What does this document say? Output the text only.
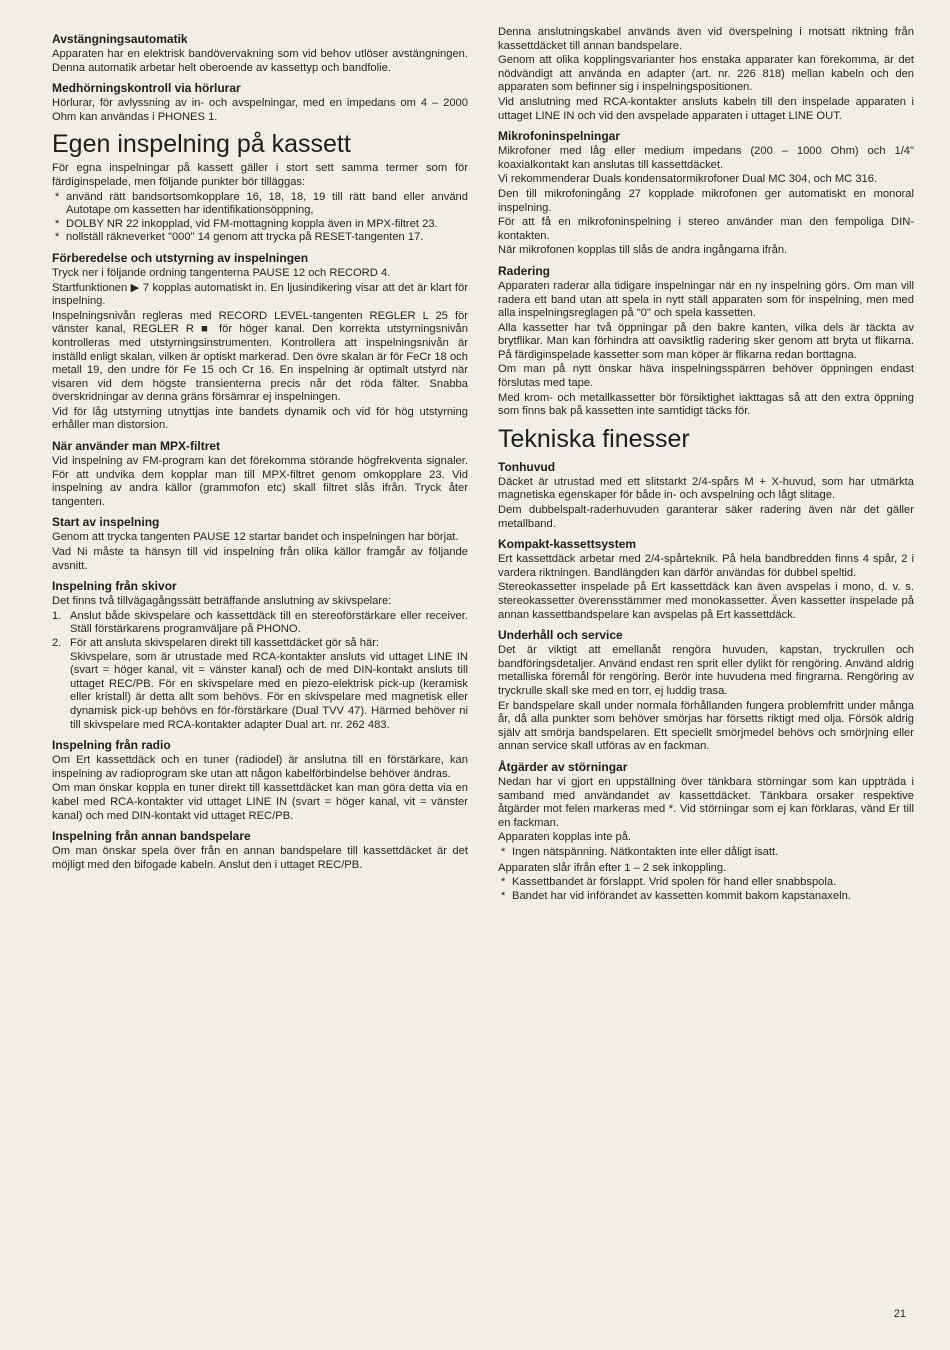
Avstängningsautomatik

Apparaten har en elektrisk bandövervakning som vid behov utlöser avstängningen. Denna automatik arbetar helt oberoende av kassettyp och bandfolie.

Medhörningskontroll via hörlurar

Hörlurar, för avlyssning av in- och avspelningar, med en impedans om 4 – 2000 Ohm kan användas i PHONES 1.

Egen inspelning på kassett

För egna inspelningar på kassett gäller i stort sett samma termer som för färdiginspelade, men följande punkter bör tilläggas:

* använd rätt bandsortsomkopplare 16, 18, 18, 19 till rätt band eller använd Autotape om kassetten har identifikationsöppning,
* DOLBY NR 22 inkopplad, vid FM-mottagning koppla även in MPX-filtret 23.
* nollställ räkneverket "000" 14 genom att trycka på RESET-tangenten 17.
Förberedelse och utstyrning av inspelningen

Tryck ner i följande ordning tangenterna PAUSE 12 och RECORD 4.

Startfunktionen ▶ 7 kopplas automatiskt in. En ljusindikering visar att det är klart för inspelning.

Inspelningsnivån regleras med RECORD LEVEL-tangenten REGLER L 25 för vänster kanal, REGLER R ■ för höger kanal. Den korrekta utstyrningsnivån kontrolleras med utstyrningsinstrumenten. Kontrollera att inspelningsnivån är inställd enligt skalan, vilken är optiskt markerad. Den övre skalan är för FeCr 18 och metall 19, den undre för Fe 15 och Cr 16. En inspelning är optimalt utstyrd när visaren vid dem högste transienterna precis når det röda fälter. Snabba överskridningar av denna gräns försämrar ej inspelningen.

Vid för låg utstyrning utnyttjas inte bandets dynamik och vid för hög utstyrning erhåller man distorsion.

När använder man MPX-filtret

Vid inspelning av FM-program kan det förekomma störande högfrekventa signaler. För att undvika dem kopplar man till MPX-filtret genom omkopplare 23. Vid inspelning av andra källor (grammofon etc) skall filtret slås ifrån. Tryck åter tangenten.

Start av inspelning

Genom att trycka tangenten PAUSE 12 startar bandet och inspelningen har börjat.

Vad Ni måste ta hänsyn till vid inspelning från olika källor framgår av följande avsnitt.

Inspelning från skivor

Det finns två tillvägagångssätt beträffande anslutning av skivspelare:

1. Anslut både skivspelare och kassettdäck till en stereoförstärkare eller receiver. Ställ förstärkarens programväljare på PHONO.
2. För att ansluta skivspelaren direkt till kassettdäcket gör så här:

Skivspelare, som är utrustade med RCA-kontakter ansluts vid uttaget LINE IN (svart = höger kanal, vit = vänster kanal) och de med DIN-kontakt ansluts till uttaget REC/PB. För en skivspelare med en piezo-elektrisk pick-up (keramisk eller kristall) är detta allt som behövs. För en skivspelare med magnetisk eller dynamisk pick-up behövs en för-förstärkare (Dual TVV 47). Härmed behöver ni till skivspelare med RCA-kontakter adapter Dual art. nr. 262 483.

Inspelning från radio

Om Ert kassettdäck och en tuner (radiodel) är anslutna till en förstärkare, kan inspelning av radioprogram ske utan att någon kabelförbindelse behöver ändras.

Om man önskar koppla en tuner direkt till kassettdäcket kan man göra detta via en kabel med RCA-kontakter vid uttaget LINE IN (svart = höger kanal, vit = vänster kanal) och med DIN-kontakt vid uttaget REC/PB.

Inspelning från annan bandspelare

Om man önskar spela över från en annan bandspelare till kassettdäcket är det möjligt med den bifogade kabeln. Anslut den i uttaget REC/PB.

Denna anslutningskabel används även vid överspelning i motsatt riktning från kassettdäcket till annan bandspelare.

Genom att olika kopplingsvarianter hos enstaka apparater kan förekomma, är det nödvändigt att använda en adapter (art. nr. 226 818) mellan kabeln och den apparaten som befinner sig i inspelningspositionen.

Vid anslutning med RCA-kontakter ansluts kabeln till den inspelade apparaten i uttaget LINE IN och vid den avspelade apparaten i uttaget LINE OUT.

Mikrofoninspelningar

Mikrofoner med låg eller medium impedans (200 – 1000 Ohm) och 1/4" koaxialkontakt kan anslutas till kassettdäcket.

Vi rekommenderar Duals kondensatormikrofoner Dual MC 304, och MC 316.

Den till mikrofoningång 27 kopplade mikrofonen ger automatiskt en monoral inspelning.

För att få en mikrofoninspelning i stereo använder man den fempoliga DIN-kontakten.

När mikrofonen kopplas till slås de andra ingångarna ifrån.

Radering

Apparaten raderar alla tidigare inspelningar när en ny inspelning görs. Om man vill radera ett band utan att spela in nytt ställ apparaten som för inspelning, men med alla inspelningsreglagen på "0" och spela kassetten.

Alla kassetter har två öppningar på den bakre kanten, vilka dels är täckta av brytflikar. Man kan förhindra att oavsiktlig radering sker genom att bryta ut flikarna. På färdiginspelade kassetter som man köper är flikarna redan borttagna.

Om man på nytt önskar häva inspelningsspärren behöver öppningen endast förslutas med tape.

Med krom- och metallkassetter bör försiktighet iakttagas så att den extra öppning som finns bak på kassetten inte samtidigt täcks för.

Tekniska finesser
Tonhuvud

Däcket är utrustad med ett slitstarkt 2/4-spårs M + X-huvud, som har utmärkta magnetiska egenskaper för både in- och avspelning och lågt slitage.

Dem dubbelspalt-raderhuvuden garanterar säker radering även när det gäller metallband.

Kompakt-kassettsystem

Ert kassettdäck arbetar med 2/4-spårteknik. På hela bandbredden finns 4 spår, 2 i vardera riktningen. Bandlängden kan därför användas för dubbel speltid.

Stereokassetter inspelade på Ert kassettdäck kan även avspelas i mono, d. v. s. stereokassetter överensstämmer med monokassetter. Även kassetter inspelade på annan kassettbandspelare kan avspelas på Ert kassettdäck.

Underhåll och service

Det är viktigt att emellanåt rengöra huvuden, kapstan, tryckrullen och bandföringsdetaljer. Använd endast ren sprit eller dylikt för rengöring. Använd aldrig metalliska föremål för rengöring. Berör inte huvudena med fingrarna. Rengöring av tryckrulle skall ske med en torr, ej luddig trasa.

Er bandspelare skall under normala förhållanden fungera problemfritt under många år, då alla punkter som behöver smörjas har försetts riktigt med olja. Försök aldrig själv att smörja bandspelaren. Ett speciellt smörjmedel behövs och smörjning eller annan service skall utföras av en fackman.

Åtgärder av störningar

Nedan har vi gjort en uppställning över tänkbara störningar som kan uppträda i samband med användandet av kassettdäcket. Tänkbara orsaker respektive åtgärder mot felen markeras med *. Vid störningar som ej kan förklaras, vänd Er till en fackman.

Apparaten kopplas inte på.

* Ingen nätspänning. Nätkontakten inte eller dåligt isatt.

Apparaten slår ifrån efter 1 – 2 sek inkoppling.

* Kassettbandet är förslappt. Vrid spolen för hand eller snabbspola.
* Bandet har vid införandet av kassetten kommit bakom kapstanaxeln.
21
